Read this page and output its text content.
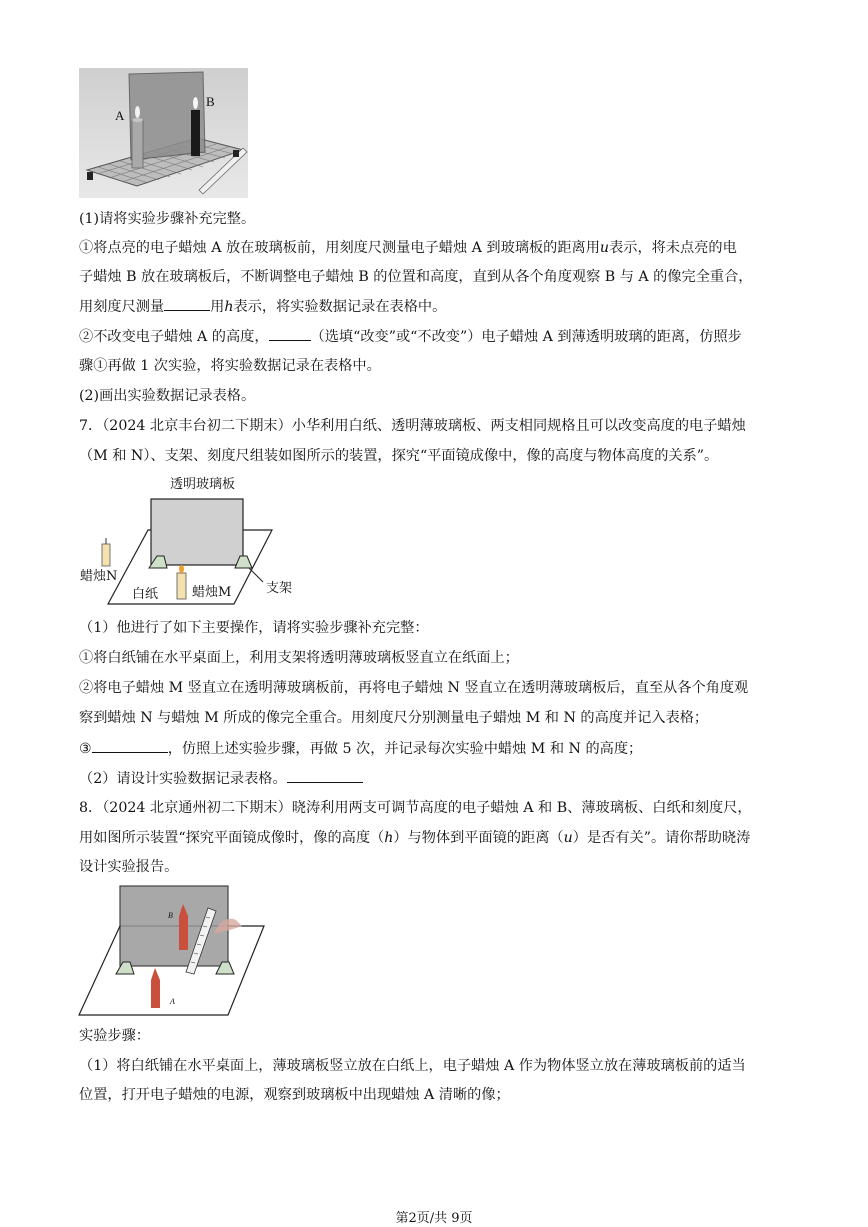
A
B
(1)请将实验步骤补充完整。
①将点亮的电子蜡烛 A 放在玻璃板前，用刻度尺测量电子蜡烛 A 到玻璃板的距离用u表示，将未点亮的电
子蜡烛 B 放在玻璃板后，不断调整电子蜡烛 B 的位置和高度，直到从各个角度观察 B 与 A 的像完全重合，
用刻度尺测量	用h表示，将实验数据记录在表格中。
②不改变电子蜡烛 A 的高度，	（选填“改变”或“不改变”）电子蜡烛 A 到薄透明玻璃的距离，仿照步
骤①再做 1 次实验，将实验数据记录在表格中。
(2)画出实验数据记录表格。
7．（2024 北京丰台初二下期末）小华利用白纸、透明薄玻璃板、两支相同规格且可以改变高度的电子蜡烛
（M 和 N）、支架、刻度尺组装如图所示的装置，探究“平面镜成像中，像的高度与物体高度的关系”。
透明玻璃板
蜡烛N
白纸	蜡烛M	支架
（1）他进行了如下主要操作，请将实验步骤补充完整：
①将白纸铺在水平桌面上，利用支架将透明薄玻璃板竖直立在纸面上；
②将电子蜡烛 M 竖直立在透明薄玻璃板前，再将电子蜡烛 N 竖直立在透明薄玻璃板后，直至从各个角度观
察到蜡烛 N 与蜡烛 M 所成的像完全重合。用刻度尺分别测量电子蜡烛 M 和 N 的高度并记入表格；
③	，仿照上述实验步骤，再做 5 次，并记录每次实验中蜡烛 M 和 N 的高度；
（2）请设计实验数据记录表格。
8．（2024 北京通州初二下期末）晓涛利用两支可调节高度的电子蜡烛 A 和 B、薄玻璃板、白纸和刻度尺，
用如图所示装置“探究平面镜成像时，像的高度（h）与物体到平面镜的距离（u）是否有关”。请你帮助晓涛
设计实验报告。
B
A
实验步骤：
（1）将白纸铺在水平桌面上，薄玻璃板竖立放在白纸上，电子蜡烛 A 作为物体竖立放在薄玻璃板前的适当
位置，打开电子蜡烛的电源，观察到玻璃板中出现蜡烛 A 清晰的像；
第2页/共 9页
